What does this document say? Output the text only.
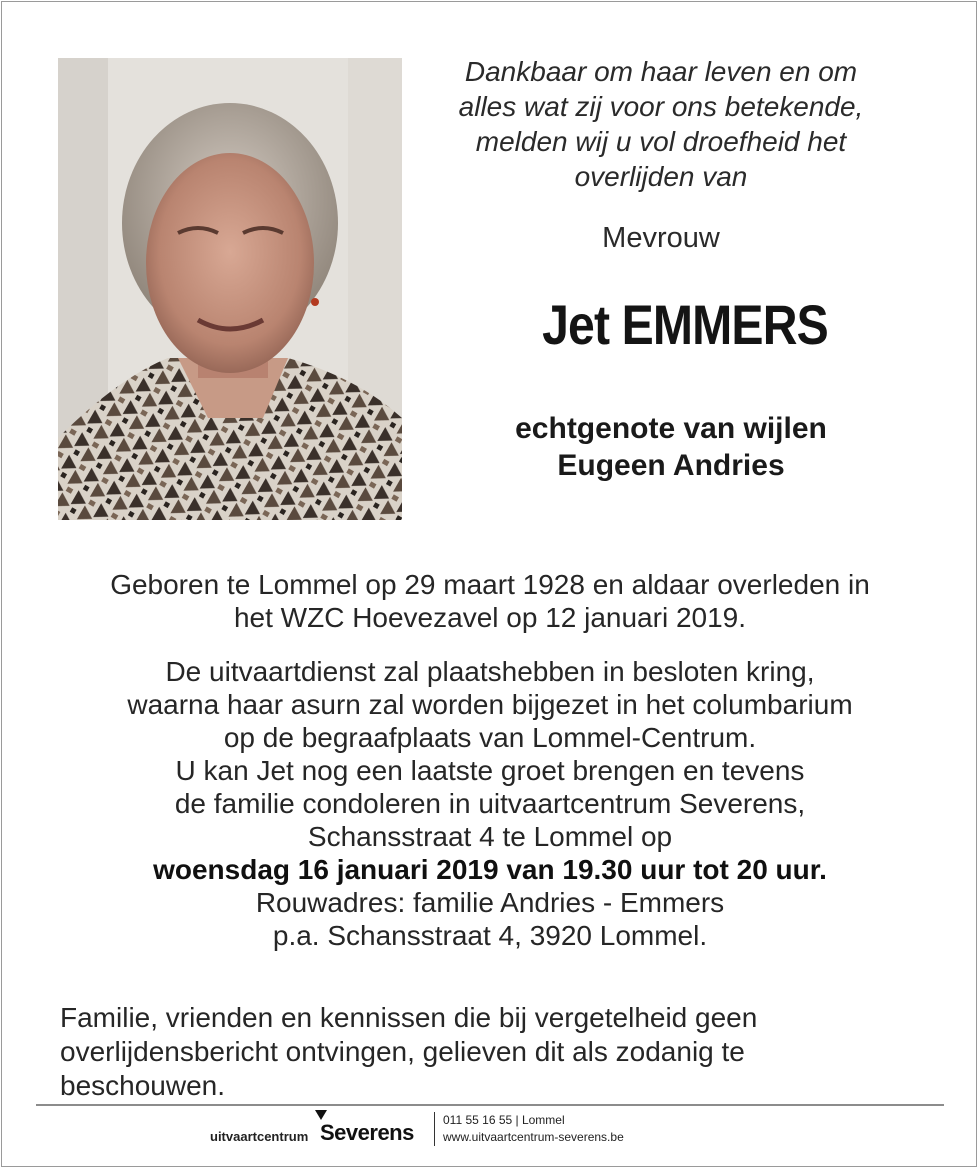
Dankbaar om haar leven en om
alles wat zij voor ons betekende,
melden wij u vol droefheid het
overlijden van
Mevrouw
Jet EMMERS
echtgenote van wijlen
Eugeen Andries
Geboren te Lommel op 29 maart 1928 en aldaar overleden in
het WZC Hoevezavel op 12 januari 2019.
De uitvaartdienst zal plaatshebben in besloten kring,
waarna haar asurn zal worden bijgezet in het columbarium
op de begraafplaats van Lommel-Centrum.
U kan Jet nog een laatste groet brengen en tevens
de familie condoleren in uitvaartcentrum Severens,
Schansstraat 4 te Lommel op
woensdag 16 januari 2019 van 19.30 uur tot 20 uur.
Rouwadres: familie Andries - Emmers
p.a. Schansstraat 4, 3920 Lommel.
Familie, vrienden en kennissen die bij vergetelheid geen
overlijdensbericht ontvingen, gelieven dit als zodanig te
beschouwen.
uitvaartcentrum Severens 011 55 16 55 | Lommel
www.uitvaartcentrum-severens.be
